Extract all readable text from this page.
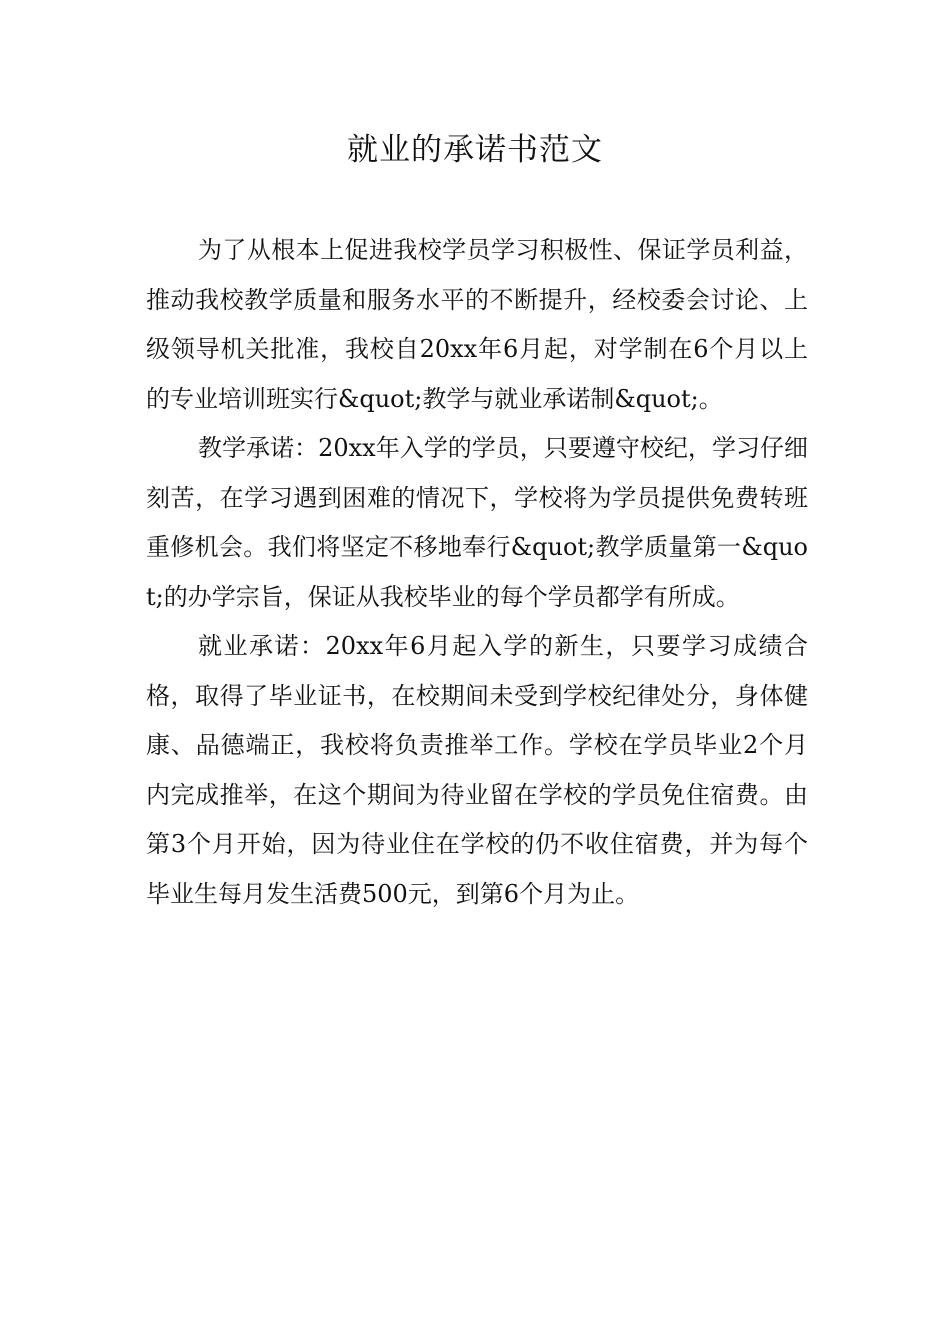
就业的承诺书范文

为了从根本上促进我校学员学习积极性、保证学员利益，推动我校教学质量和服务水平的不断提升，经校委会讨论、上级领导机关批准，我校自20xx年6月起，对学制在6个月以上的专业培训班实行&quot;教学与就业承诺制&quot;。

教学承诺：20xx年入学的学员，只要遵守校纪，学习仔细刻苦，在学习遇到困难的情况下，学校将为学员提供免费转班重修机会。我们将坚定不移地奉行&quot;教学质量第一&quot;的办学宗旨，保证从我校毕业的每个学员都学有所成。

就业承诺：20xx年6月起入学的新生，只要学习成绩合格，取得了毕业证书，在校期间未受到学校纪律处分，身体健康、品德端正，我校将负责推举工作。学校在学员毕业2个月内完成推举，在这个期间为待业留在学校的学员免住宿费。由第3个月开始，因为待业住在学校的仍不收住宿费，并为每个毕业生每月发生活费500元，到第6个月为止。
